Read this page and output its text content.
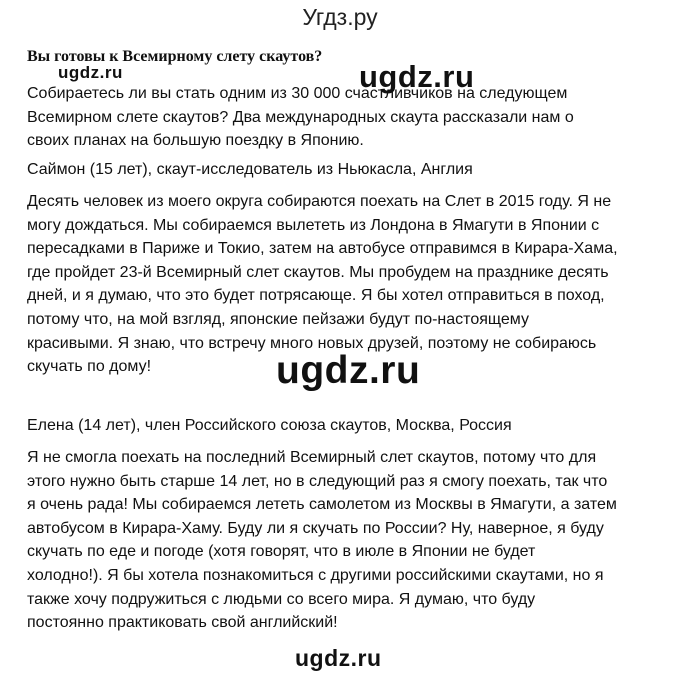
Угдз.ру
Вы готовы к Всемирному слету скаутов?
Собираетесь ли вы стать одним из 30 000 счастливчиков на следующем
Всемирном слете скаутов? Два международных скаута рассказали нам о
своих планах на большую поездку в Японию.
Саймон (15 лет), скаут-исследователь из Ньюкасла, Англия
Десять человек из моего округа собираются поехать на Слет в 2015 году. Я не
могу дождаться. Мы собираемся вылететь из Лондона в Ямагути в Японии с
пересадками в Париже и Токио, затем на автобусе отправимся в Кирара-Хама,
где пройдет 23-й Всемирный слет скаутов. Мы пробудем на празднике десять
дней, и я думаю, что это будет потрясающе. Я бы хотел отправиться в поход,
потому что, на мой взгляд, японские пейзажи будут по-настоящему
красивыми. Я знаю, что встречу много новых друзей, поэтому не собираюсь
скучать по дому!
Елена (14 лет), член Российского союза скаутов, Москва, Россия
Я не смогла поехать на последний Всемирный слет скаутов, потому что для
этого нужно быть старше 14 лет, но в следующий раз я смогу поехать, так что
я очень рада! Мы собираемся лететь самолетом из Москвы в Ямагути, а затем
автобусом в Кирара-Хаму. Буду ли я скучать по России? Ну, наверное, я буду
скучать по еде и погоде (хотя говорят, что в июле в Японии не будет
холодно!). Я бы хотела познакомиться с другими российскими скаутами, но я
также хочу подружиться с людьми со всего мира. Я думаю, что буду
постоянно практиковать свой английский!
ugdz.ru	ugdz.ru
ugdz.ru
ugdz.ru
